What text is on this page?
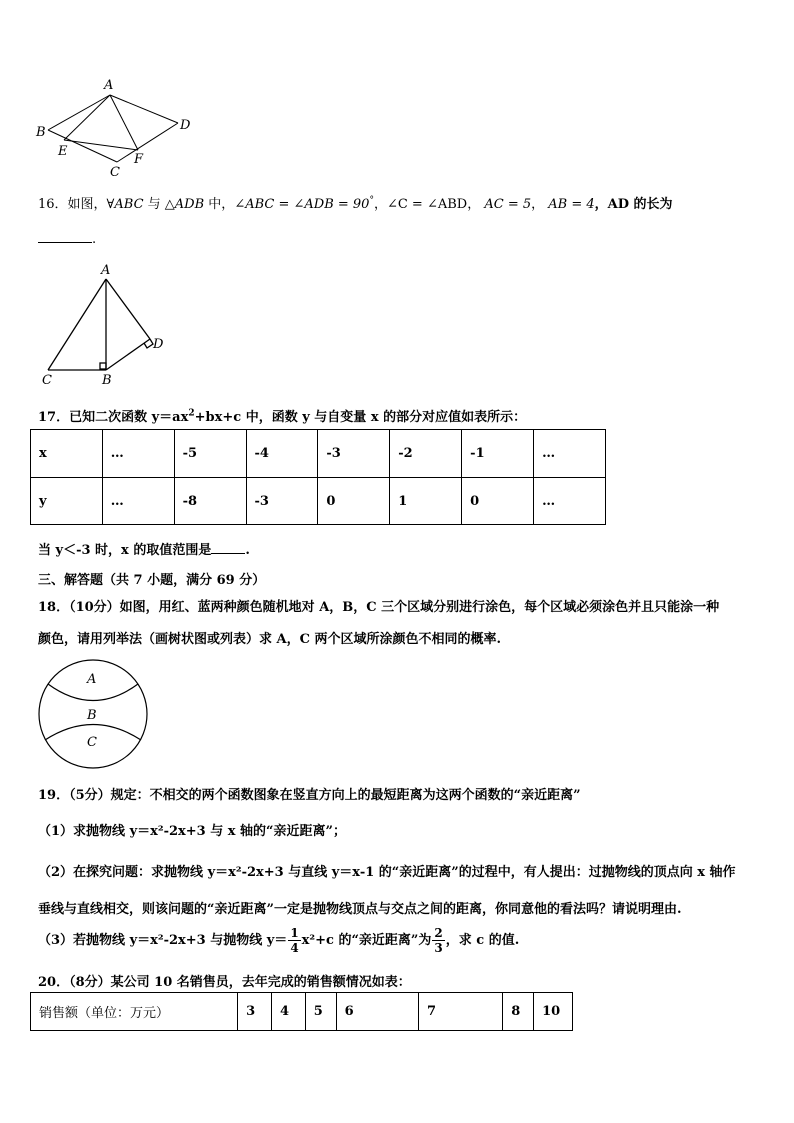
A
B	D
E
F
C
16．如图，∀ABC 与 △ADB 中，∠ABC = ∠ADB = 90°，∠C = ∠ABD， AC = 5， AB = 4，AD 的长为
.
A
D
C	B
17．已知二次函数 $y=ax^2+bx+c$ 中，函数 y 与自变量 x 的部分对应值如表所示：
x	…	-5	-4	-3	-2	-1	…
y	…	-8	-3	0	1	0	…
当 y＜-3 时，x 的取值范围是	.
三、解答题（共 7 小题，满分 69 分）
18．（10分）如图，用红、蓝两种颜色随机地对 A，B，C 三个区域分别进行涂色，每个区域必须涂色并且只能涂一种
颜色，请用列举法（画树状图或列表）求 A，C 两个区域所涂颜色不相同的概率.
A
B
C
19．（5分）规定：不相交的两个函数图象在竖直方向上的最短距离为这两个函数的“亲近距离”
（1）求抛物线 y＝x²-2x+3 与 x 轴的“亲近距离”；
（2）在探究问题：求抛物线 y＝x²-2x+3 与直线 y＝x-1 的“亲近距离”的过程中，有人提出：过抛物线的顶点向 x 轴作
垂线与直线相交，则该问题的“亲近距离”一定是抛物线顶点与交点之间的距离，你同意他的看法吗？请说明理由.
（3）若抛物线 y＝x²-2x+3 与抛物线 $y= \frac{1}{4} x^2+c$ 的“亲近距离”为 $\frac{2}{3}$ ，求 c 的值.
20．（8分）某公司 10 名销售员，去年完成的销售额情况如表：
销售额（单位：万元）	3	4	5	6	7	8	10
